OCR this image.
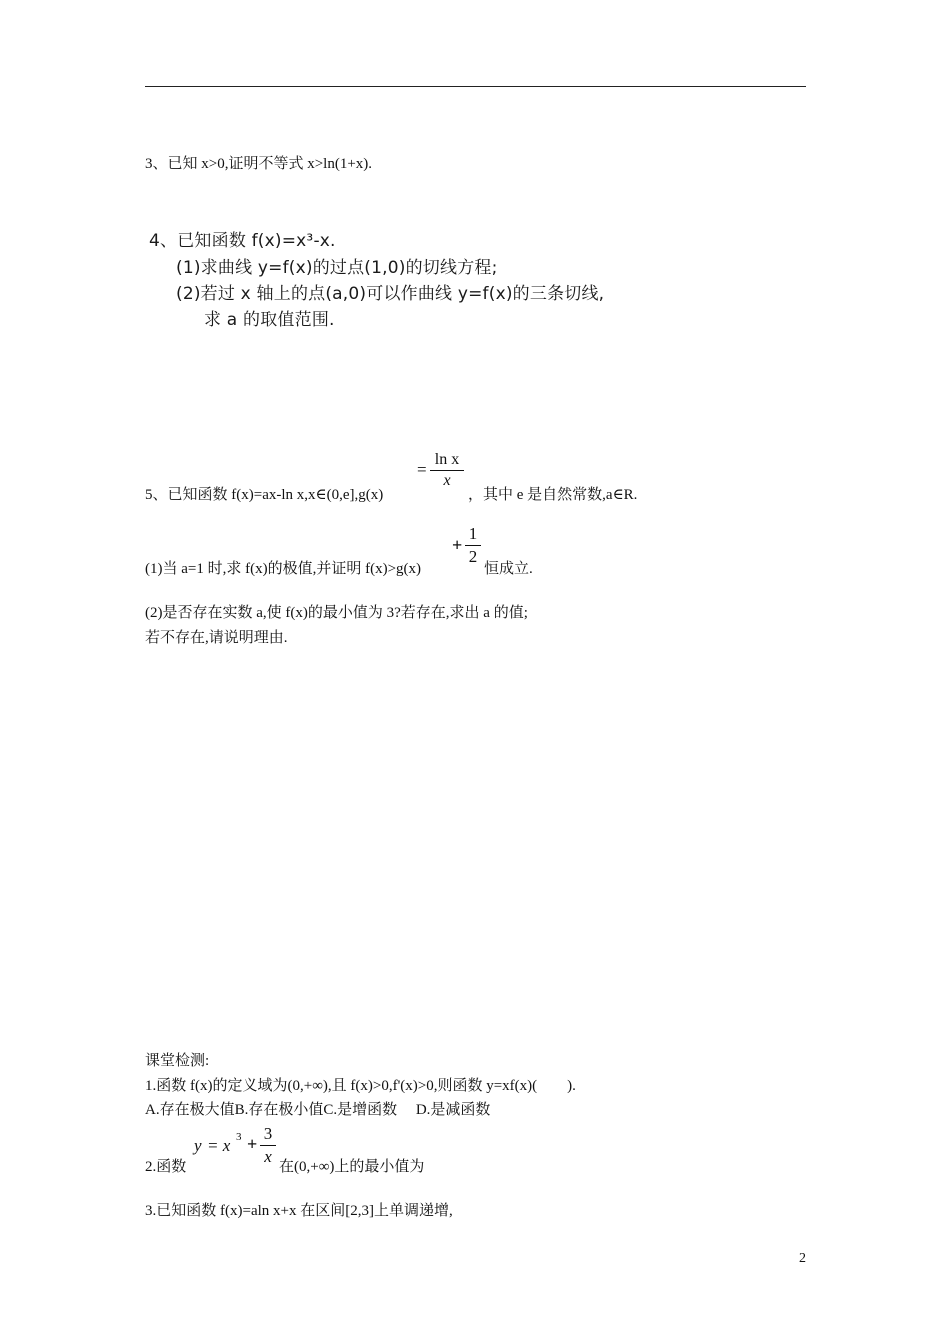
3、已知 x>0,证明不等式 x>ln(1+x).
4、已知函数 f(x)=x³-x.
(1)求曲线 y=f(x)的过点(1,0)的切线方程;
(2)若过 x 轴上的点(a,0)可以作曲线 y=f(x)的三条切线,
求 a 的取值范围.
5、已知函数 f(x)=ax-ln x,x∈(0,e],g(x)
=
ln x
x
，其中 e 是自然常数,a∈R.
(1)当 a=1 时,求 f(x)的极值,并证明 f(x)>g(x)
+
1
2
恒成立.
(2)是否存在实数 a,使 f(x)的最小值为 3?若存在,求出 a 的值;
若不存在,请说明理由.
课堂检测:
1.函数 f(x)的定义域为(0,+∞),且 f(x)>0,f'(x)>0,则函数 y=xf(x)(　　).
A.存在极大值B.存在极小值C.是增函数　 D.是减函数
2.函数
y = x 3 +
3
x
在(0,+∞)上的最小值为
3.已知函数 f(x)=aln x+x 在区间[2,3]上单调递增,
2
